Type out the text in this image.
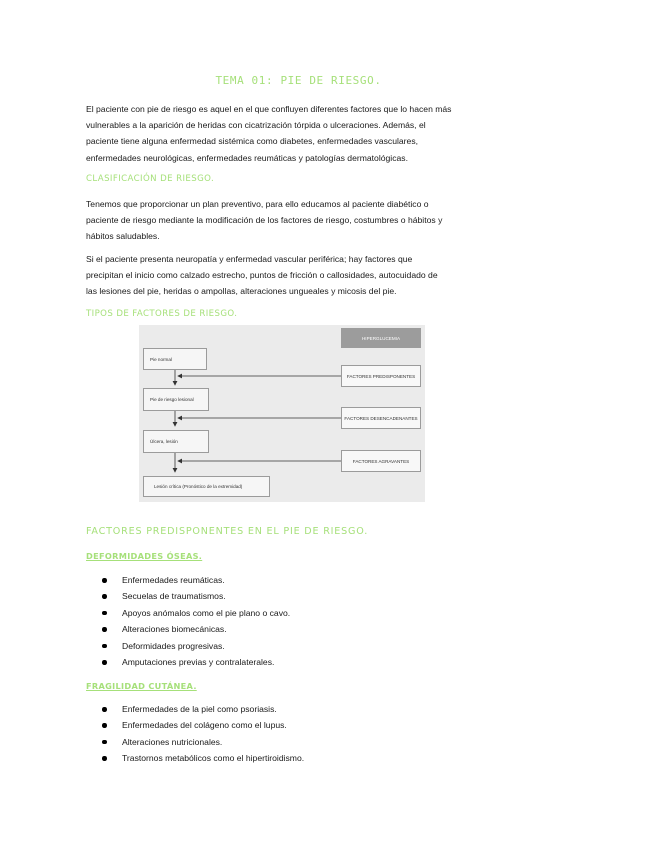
TEMA 01: PIE DE RIESGO.
El paciente con pie de riesgo es aquel en el que confluyen diferentes factores que lo hacen más
vulnerables a la aparición de heridas con cicatrización tórpida o ulceraciones. Además, el
paciente tiene alguna enfermedad sistémica como diabetes, enfermedades vasculares,
enfermedades neurológicas, enfermedades reumáticas y patologías dermatológicas.
CLASIFICACIÓN DE RIESGO.
Tenemos que proporcionar un plan preventivo, para ello educamos al paciente diabético o
paciente de riesgo mediante la modificación de los factores de riesgo, costumbres o hábitos y
hábitos saludables.
Si el paciente presenta neuropatía y enfermedad vascular periférica; hay factores que
precipitan el inicio como calzado estrecho, puntos de fricción o callosidades, autocuidado de
las lesiones del pie, heridas o ampollas, alteraciones ungueales y micosis del pie.
TIPOS DE FACTORES DE RIESGO.
HIPERGLUCEMIA
Pie normal
Pie de riesgo lesional
Úlcera, lesión
Lesión crítica (Pronóstico de la extremidad)
FACTORES PREDISPONENTES
FACTORES DESENCADENANTES
FACTORES AGRAVANTES
FACTORES PREDISPONENTES EN EL PIE DE RIESGO.
DEFORMIDADES ÓSEAS.
Enfermedades reumáticas.
Secuelas de traumatismos.
Apoyos anómalos como el pie plano o cavo.
Alteraciones biomecánicas.
Deformidades progresivas.
Amputaciones previas y contralaterales.
FRAGILIDAD CUTÁNEA.
Enfermedades de la piel como psoriasis.
Enfermedades del colágeno como el lupus.
Alteraciones nutricionales.
Trastornos metabólicos como el hipertiroidismo.
